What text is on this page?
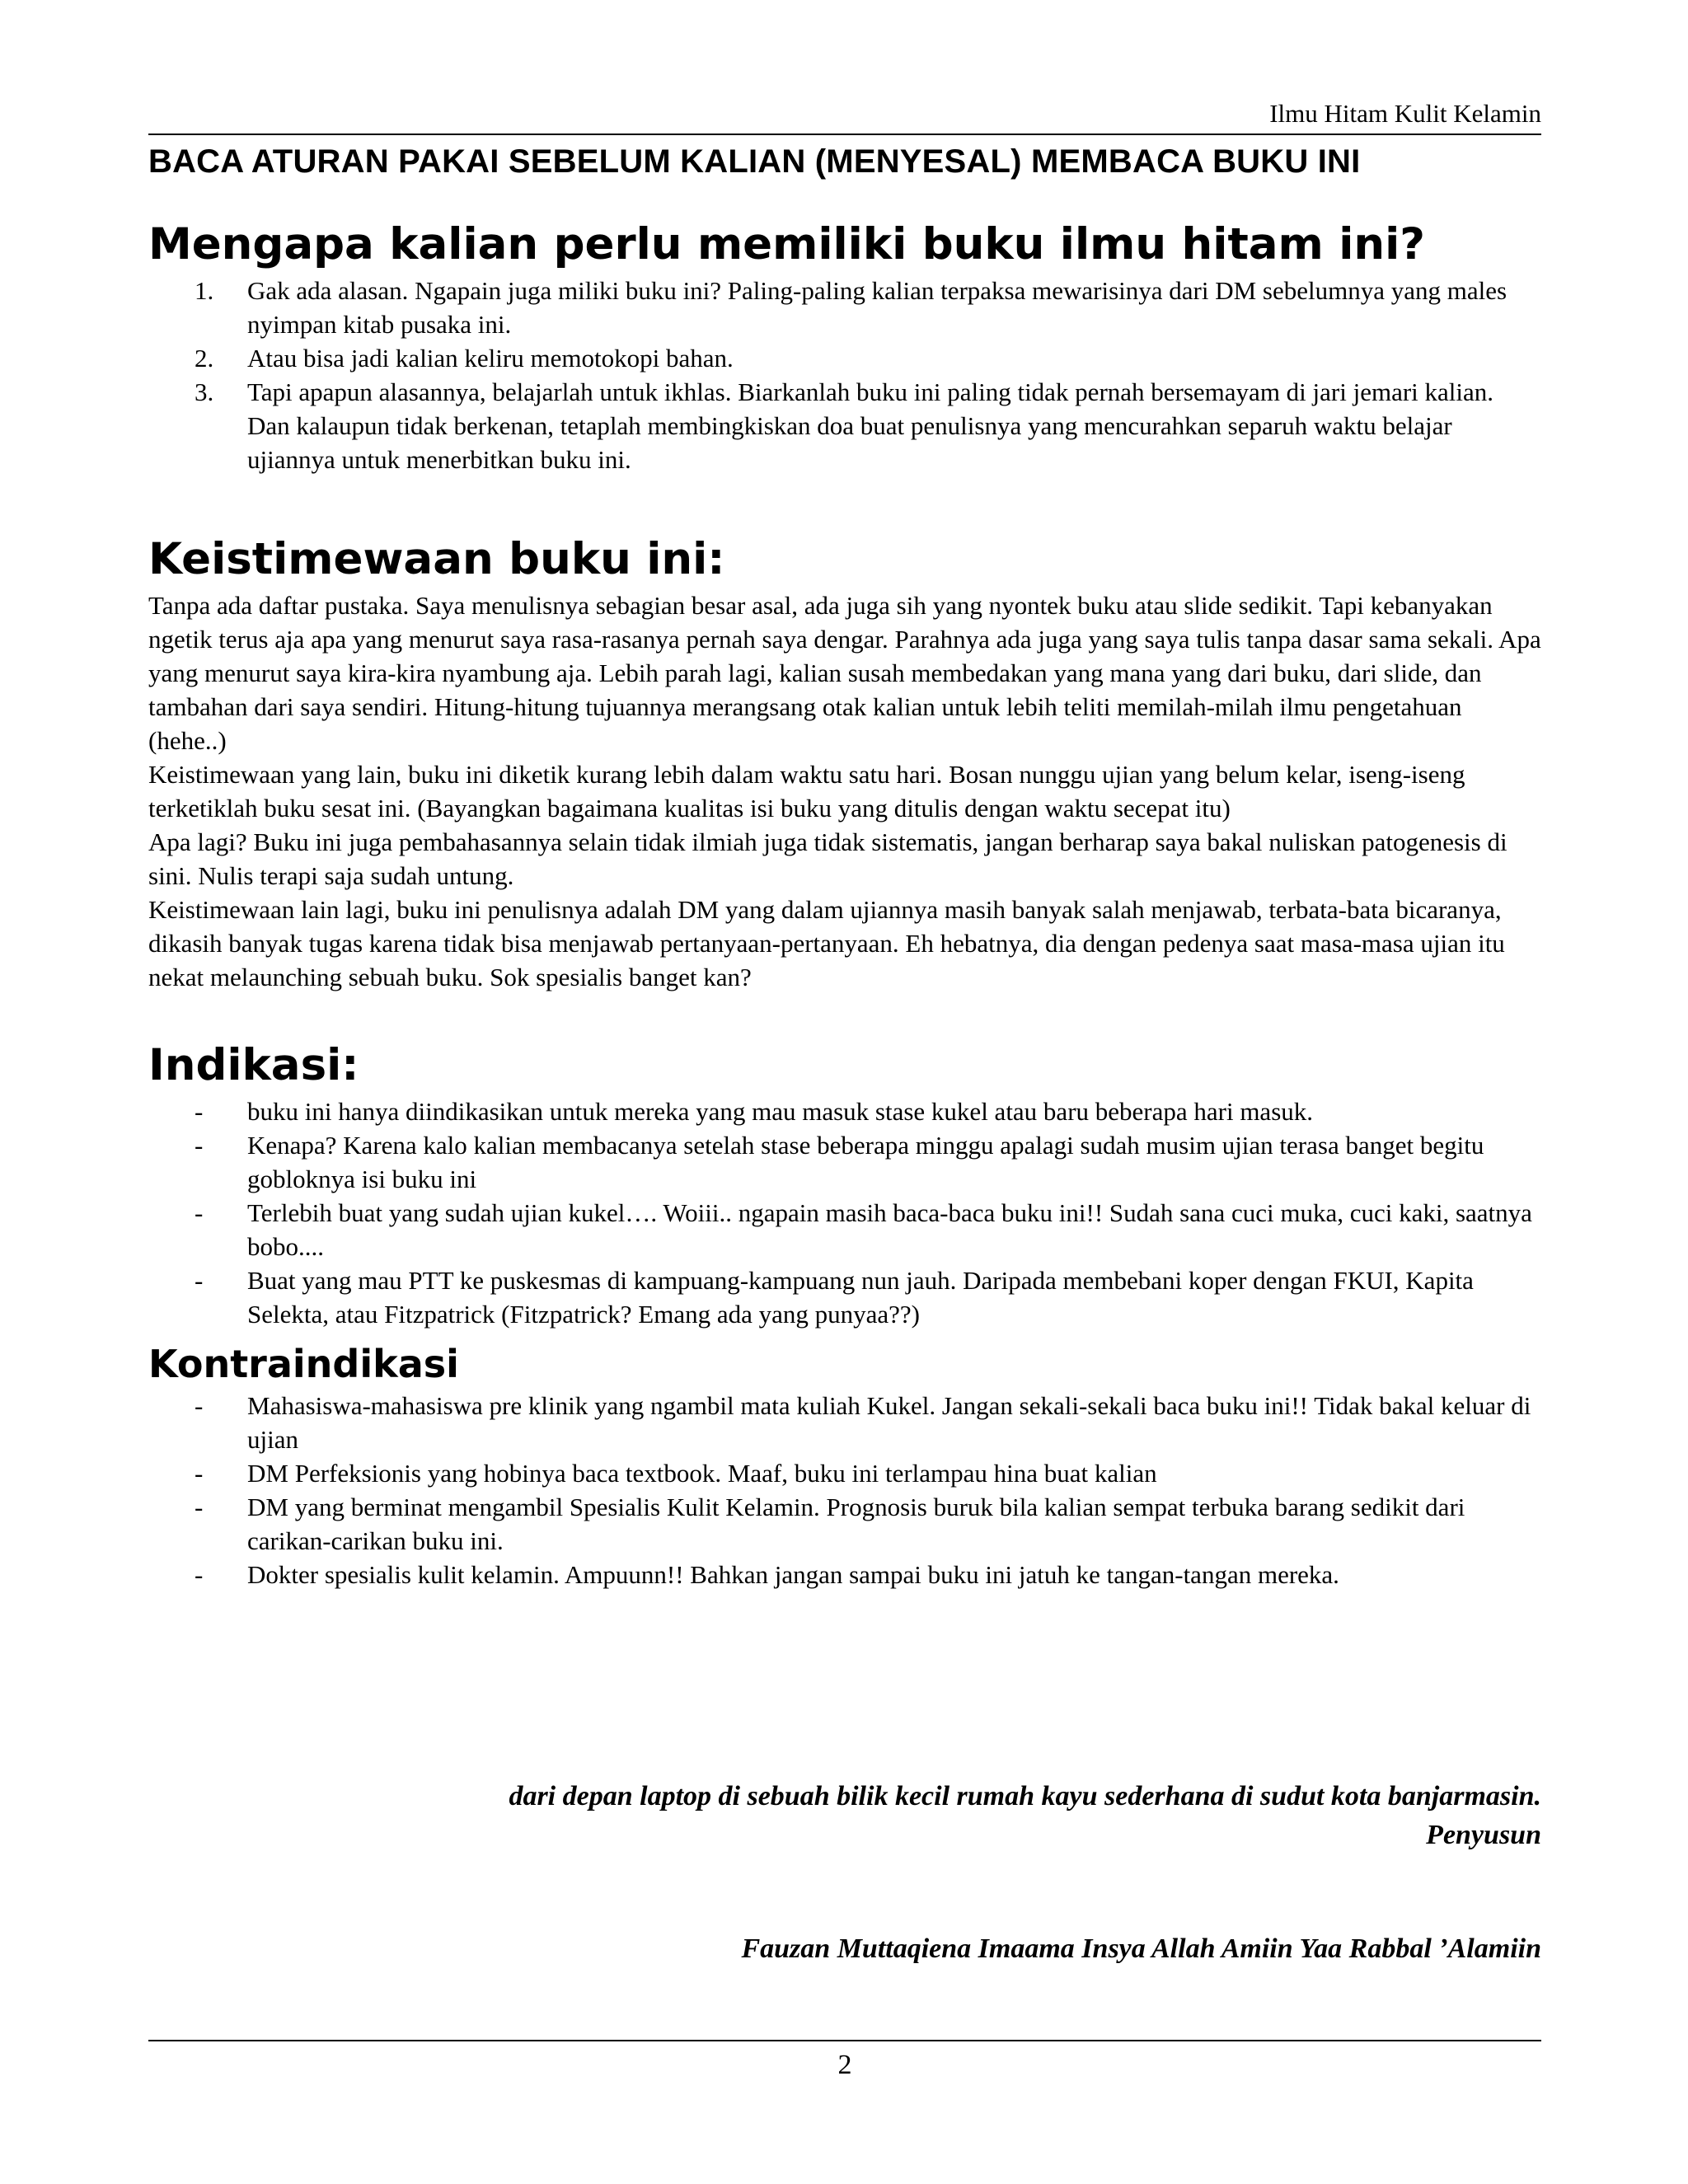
Ilmu Hitam Kulit Kelamin
BACA ATURAN PAKAI SEBELUM KALIAN (MENYESAL) MEMBACA BUKU INI
Mengapa kalian perlu memiliki buku ilmu hitam ini?
1.	Gak ada alasan. Ngapain juga miliki buku ini? Paling-paling kalian terpaksa mewarisinya dari DM sebelumnya yang males nyimpan kitab pusaka ini.
2.	Atau bisa jadi kalian keliru memotokopi bahan.
3.	Tapi apapun alasannya, belajarlah untuk ikhlas. Biarkanlah buku ini paling tidak pernah bersemayam di jari jemari kalian. Dan kalaupun tidak berkenan, tetaplah membingkiskan doa buat penulisnya yang mencurahkan separuh waktu belajar ujiannya untuk menerbitkan buku ini.
Keistimewaan buku ini:

Tanpa ada daftar pustaka. Saya menulisnya sebagian besar asal, ada juga sih yang nyontek buku atau slide sedikit. Tapi kebanyakan ngetik terus aja apa yang menurut saya rasa-rasanya pernah saya dengar. Parahnya ada juga yang saya tulis tanpa dasar sama sekali. Apa yang menurut saya kira-kira nyambung aja. Lebih parah lagi, kalian susah membedakan yang mana yang dari buku, dari slide, dan tambahan dari saya sendiri. Hitung-hitung tujuannya merangsang otak kalian untuk lebih teliti memilah-milah ilmu pengetahuan (hehe..)

Keistimewaan yang lain, buku ini diketik kurang lebih dalam waktu satu hari. Bosan nunggu ujian yang belum kelar, iseng-iseng terketiklah buku sesat ini. (Bayangkan bagaimana kualitas isi buku yang ditulis dengan waktu secepat itu)

Apa lagi? Buku ini juga pembahasannya selain tidak ilmiah juga tidak sistematis, jangan berharap saya bakal nuliskan patogenesis di sini. Nulis terapi saja sudah untung.

Keistimewaan lain lagi, buku ini penulisnya adalah DM yang dalam ujiannya masih banyak salah menjawab, terbata-bata bicaranya, dikasih banyak tugas karena tidak bisa menjawab pertanyaan-pertanyaan. Eh hebatnya, dia dengan pedenya saat masa-masa ujian itu nekat melaunching sebuah buku. Sok spesialis banget kan?

Indikasi:
-	buku ini hanya diindikasikan untuk mereka yang mau masuk stase kukel atau baru beberapa hari masuk.
-	Kenapa? Karena kalo kalian membacanya setelah stase beberapa minggu apalagi sudah musim ujian terasa banget begitu gobloknya isi buku ini
-	Terlebih buat yang sudah ujian kukel…. Woiii.. ngapain masih baca-baca buku ini!! Sudah sana cuci muka, cuci kaki, saatnya bobo....
-	Buat yang mau PTT ke puskesmas di kampuang-kampuang nun jauh. Daripada membebani koper dengan FKUI, Kapita Selekta, atau Fitzpatrick (Fitzpatrick? Emang ada yang punyaa??)
Kontraindikasi
-	Mahasiswa-mahasiswa pre klinik yang ngambil mata kuliah Kukel. Jangan sekali-sekali baca buku ini!! Tidak bakal keluar di ujian
-	DM Perfeksionis yang hobinya baca textbook. Maaf, buku ini terlampau hina buat kalian
-	DM yang berminat mengambil Spesialis Kulit Kelamin. Prognosis buruk bila kalian sempat terbuka barang sedikit dari carikan-carikan buku ini.
-	Dokter spesialis kulit kelamin. Ampuunn!! Bahkan jangan sampai buku ini jatuh ke tangan-tangan mereka.
dari depan laptop di sebuah bilik kecil rumah kayu sederhana di sudut kota banjarmasin.
Penyusun
Fauzan Muttaqiena Imaama Insya Allah Amiin Yaa Rabbal ’Alamiin
2
